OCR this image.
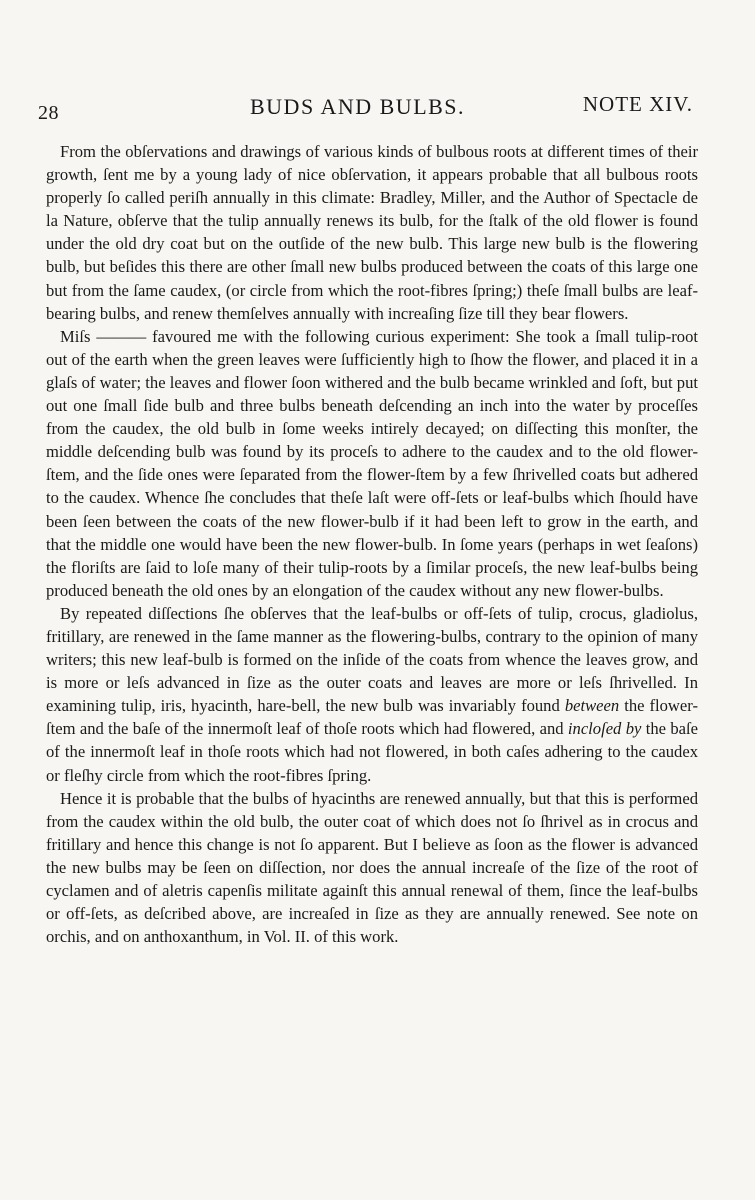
28	BUDS AND BULBS.	NOTE XIV.

From the obſervations and drawings of various kinds of bulbous roots at different times of their growth, ſent me by a young lady of nice obſervation, it appears probable that all bulbous roots properly ſo called periſh annually in this climate: Bradley, Miller, and the Author of Spectacle de la Nature, obſerve that the tulip annually renews its bulb, for the ſtalk of the old flower is found under the old dry coat but on the outſide of the new bulb. This large new bulb is the flowering bulb, but beſides this there are other ſmall new bulbs produced between the coats of this large one but from the ſame caudex, (or circle from which the root-fibres ſpring;) theſe ſmall bulbs are leaf-bearing bulbs, and renew themſelves annually with increaſing ſize till they bear flowers.

Miſs ——— favoured me with the following curious experiment: She took a ſmall tulip-root out of the earth when the green leaves were ſufficiently high to ſhow the flower, and placed it in a glaſs of water; the leaves and flower ſoon withered and the bulb became wrinkled and ſoft, but put out one ſmall ſide bulb and three bulbs beneath deſcending an inch into the water by proceſſes from the caudex, the old bulb in ſome weeks intirely decayed; on diſſecting this monſter, the middle deſcending bulb was found by its proceſs to adhere to the caudex and to the old flower-ſtem, and the ſide ones were ſeparated from the flower-ſtem by a few ſhrivelled coats but adhered to the caudex. Whence ſhe concludes that theſe laſt were off-ſets or leaf-bulbs which ſhould have been ſeen between the coats of the new flower-bulb if it had been left to grow in the earth, and that the middle one would have been the new flower-bulb. In ſome years (perhaps in wet ſeaſons) the floriſts are ſaid to loſe many of their tulip-roots by a ſimilar proceſs, the new leaf-bulbs being produced beneath the old ones by an elongation of the caudex without any new flower-bulbs.

By repeated diſſections ſhe obſerves that the leaf-bulbs or off-ſets of tulip, crocus, gladiolus, fritillary, are renewed in the ſame manner as the flowering-bulbs, contrary to the opinion of many writers; this new leaf-bulb is formed on the inſide of the coats from whence the leaves grow, and is more or leſs advanced in ſize as the outer coats and leaves are more or leſs ſhrivelled. In examining tulip, iris, hyacinth, hare-bell, the new bulb was invariably found between the flower-ſtem and the baſe of the innermoſt leaf of thoſe roots which had flowered, and incloſed by the baſe of the innermoſt leaf in thoſe roots which had not flowered, in both caſes adhering to the caudex or fleſhy circle from which the root-fibres ſpring.

Hence it is probable that the bulbs of hyacinths are renewed annually, but that this is performed from the caudex within the old bulb, the outer coat of which does not ſo ſhrivel as in crocus and fritillary and hence this change is not ſo apparent. But I believe as ſoon as the flower is advanced the new bulbs may be ſeen on diſſection, nor does the annual increaſe of the ſize of the root of cyclamen and of aletris capenſis militate againſt this annual renewal of them, ſince the leaf-bulbs or off-ſets, as deſcribed above, are increaſed in ſize as they are annually renewed. See note on orchis, and on anthoxanthum, in Vol. II. of this work.
